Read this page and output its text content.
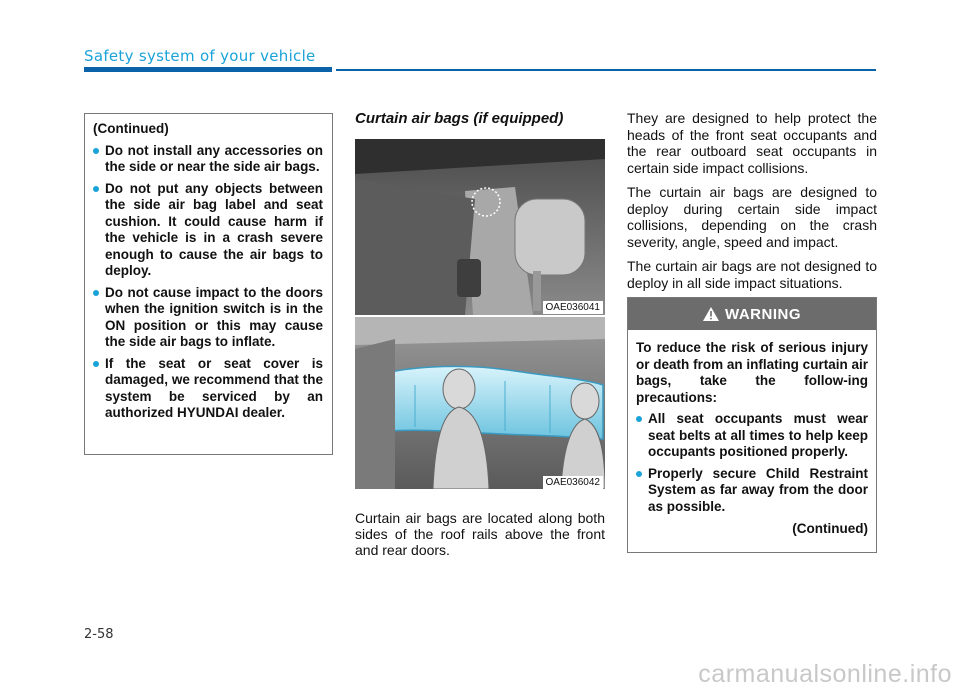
Safety system of your vehicle
(Continued)
Do not install any accessories on the side or near the side air bags.
Do not put any objects between the side air bag label and seat cushion. It could cause harm if the vehicle is in a crash severe enough to cause the air bags to deploy.
Do not cause impact to the doors when the ignition switch is in the ON position or this may cause the side air bags to inflate.
If the seat or seat cover is damaged, we recommend that the system be serviced by an authorized HYUNDAI dealer.
Curtain air bags (if equipped)
OAE036041
OAE036042
Curtain air bags are located along both sides of the roof rails above the front and rear doors.

They are designed to help protect the heads of the front seat occupants and the rear outboard seat occupants in certain side impact collisions.

The curtain air bags are designed to deploy during certain side impact collisions, depending on the crash severity, angle, speed and impact.

The curtain air bags are not designed to deploy in all side impact situations.

WARNING
To reduce the risk of serious injury or death from an inflating curtain air bags, take the follow-ing precautions:
All seat occupants must wear seat belts at all times to help keep occupants positioned properly.
Properly secure Child Restraint System as far away from the door as possible.
(Continued)
2-58
carmanualsonline.info
